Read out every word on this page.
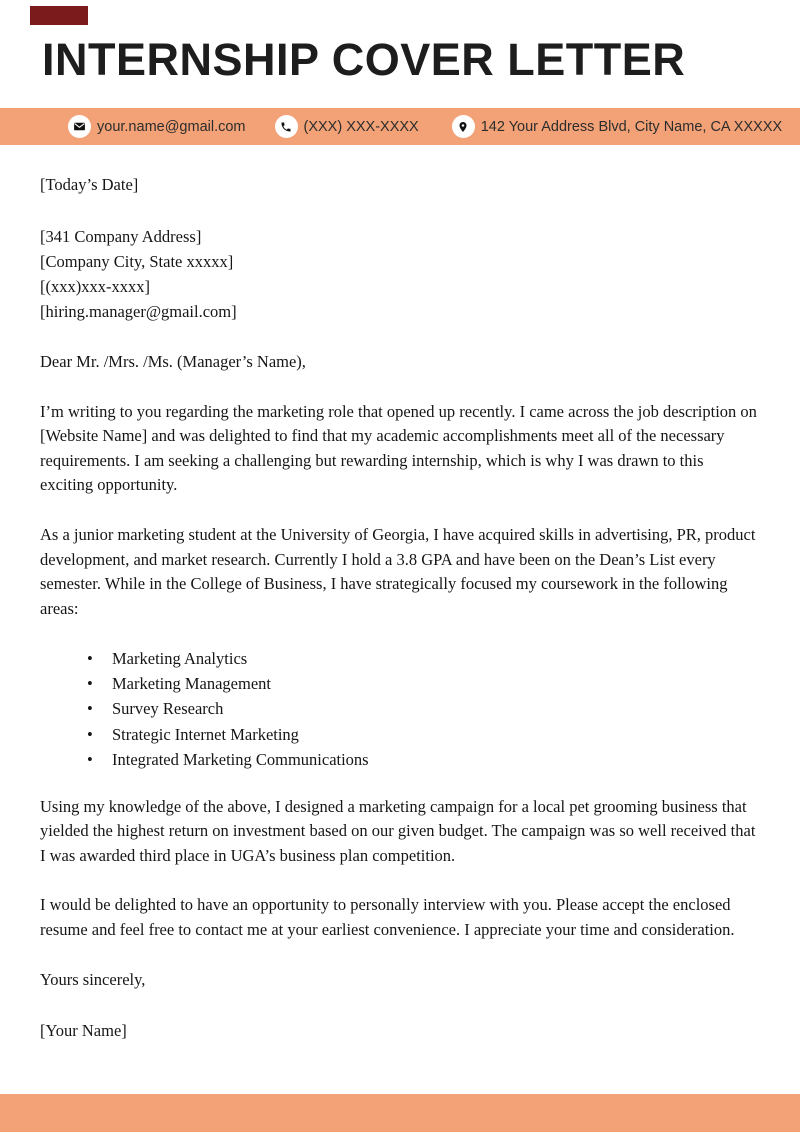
INTERNSHIP COVER LETTER
your.name@gmail.com	(XXX) XXX-XXXX	142 Your Address Blvd, City Name, CA XXXXX

[Today’s Date]

[341 Company Address]
[Company City, State xxxxx]
[(xxx)xxx-xxxx]
[hiring.manager@gmail.com]

Dear Mr. /Mrs. /Ms. (Manager’s Name),

I’m writing to you regarding the marketing role that opened up recently. I came across the job description on [Website Name] and was delighted to find that my academic accomplishments meet all of the necessary requirements. I am seeking a challenging but rewarding internship, which is why I was drawn to this exciting opportunity.

As a junior marketing student at the University of Georgia, I have acquired skills in advertising, PR, product development, and market research. Currently I hold a 3.8 GPA and have been on the Dean’s List every semester. While in the College of Business, I have strategically focused my coursework in the following areas:

• Marketing Analytics
• Marketing Management
• Survey Research
• Strategic Internet Marketing
• Integrated Marketing Communications

Using my knowledge of the above, I designed a marketing campaign for a local pet grooming business that yielded the highest return on investment based on our given budget. The campaign was so well received that I was awarded third place in UGA’s business plan competition.

I would be delighted to have an opportunity to personally interview with you. Please accept the enclosed resume and feel free to contact me at your earliest convenience. I appreciate your time and consideration.

Yours sincerely,

[Your Name]
